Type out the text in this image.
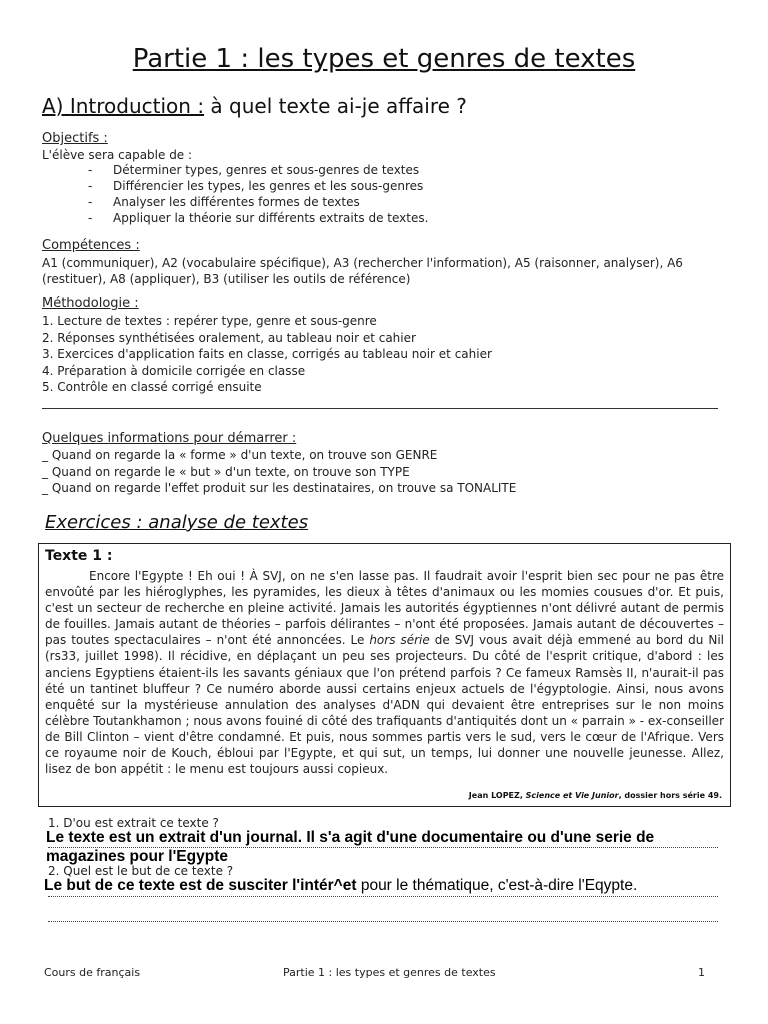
Partie 1 : les types et genres de textes
A) Introduction : à quel texte ai-je affaire ?
Objectifs :
L'élève sera capable de :
- Déterminer types, genres et sous-genres de textes
- Différencier les types, les genres et les sous-genres
- Analyser les différentes formes de textes
- Appliquer la théorie sur différents extraits de textes.
Compétences :
A1 (communiquer), A2 (vocabulaire spécifique), A3 (rechercher l'information), A5 (raisonner, analyser), A6
(restituer), A8 (appliquer), B3 (utiliser les outils de référence)
Méthodologie :
1. Lecture de textes : repérer type, genre et sous-genre
2. Réponses synthétisées oralement, au tableau noir et cahier
3. Exercices d'application faits en classe, corrigés au tableau noir et cahier
4. Préparation à domicile corrigée en classe
5. Contrôle en classé corrigé ensuite
Quelques informations pour démarrer :
_ Quand on regarde la « forme » d'un texte, on trouve son GENRE
_ Quand on regarde le « but » d'un texte, on trouve son TYPE
_ Quand on regarde l'effet produit sur les destinataires, on trouve sa TONALITE
Exercices : analyse de textes
Texte 1 :

Encore l'Egypte ! Eh oui ! À SVJ, on ne s'en lasse pas. Il faudrait avoir l'esprit bien sec pour ne pas être envoûté par les hiéroglyphes, les pyramides, les dieux à têtes d'animaux ou les momies cousues d'or. Et puis, c'est un secteur de recherche en pleine activité. Jamais les autorités égyptiennes n'ont délivré autant de permis de fouilles. Jamais autant de théories – parfois délirantes – n'ont été proposées. Jamais autant de découvertes – pas toutes spectaculaires – n'ont été annoncées. Le hors série de SVJ vous avait déjà emmené au bord du Nil (rs33, juillet 1998). Il récidive, en déplaçant un peu ses projecteurs. Du côté de l'esprit critique, d'abord : les anciens Egyptiens étaient-ils les savants géniaux que l'on prétend parfois ? Ce fameux Ramsès II, n'aurait-il pas été un tantinet bluffeur ? Ce numéro aborde aussi certains enjeux actuels de l'égyptologie. Ainsi, nous avons enquêté sur la mystérieuse annulation des analyses d'ADN qui devaient être entreprises sur le non moins célèbre Toutankhamon ; nous avons fouiné di côté des trafiquants d'antiquités dont un « parrain » - ex-conseiller de Bill Clinton – vient d'être condamné. Et puis, nous sommes partis vers le sud, vers le cœur de l'Afrique. Vers ce royaume noir de Kouch, ébloui par l'Egypte, et qui sut, un temps, lui donner une nouvelle jeunesse. Allez, lisez de bon appétit : le menu est toujours aussi copieux.

Jean LOPEZ, Science et Vie Junior, dossier hors série 49.
1. D'ou est extrait ce texte ?
Le texte est un extrait d'un journal. Il s'a agit d'une documentaire ou d'une serie de
magazines pour l'Egypte
2. Quel est le but de ce texte ?
Le but de ce texte est de susciter l'intér^et pour le thématique, c'est-à-dire l'Eqypte.
Cours de français	Partie 1 : les types et genres de textes	1
